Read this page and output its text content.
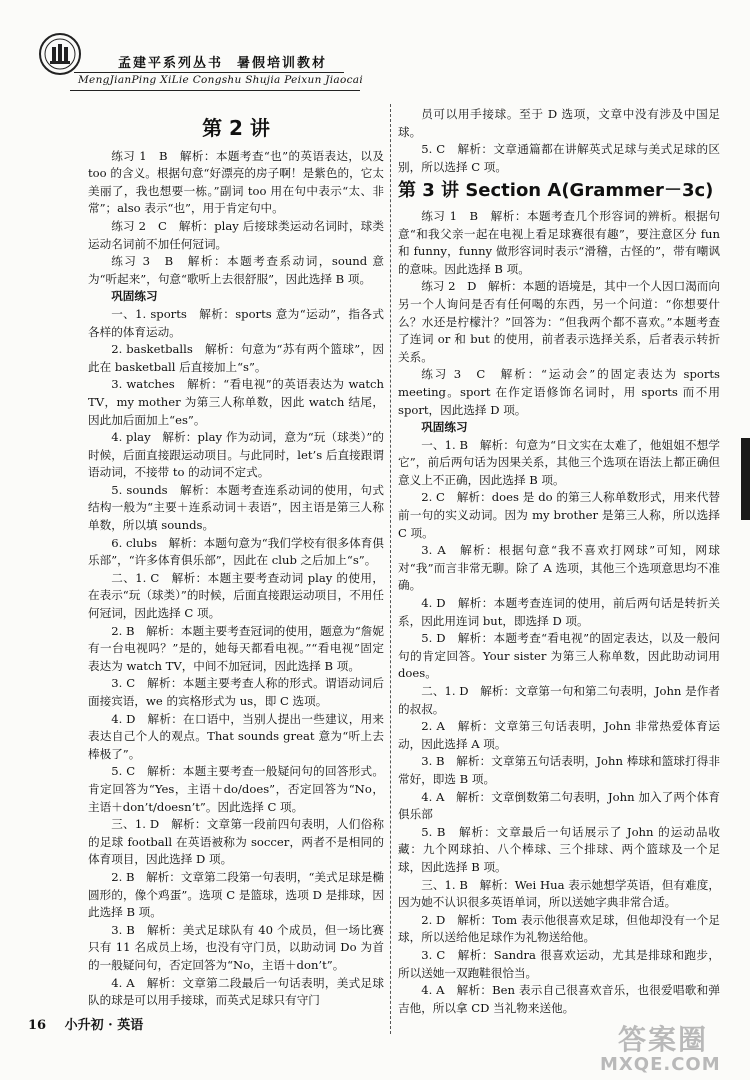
孟建平系列丛书 暑假培训教材
MengJianPing XiLie Congshu Shujia Peixun Jiaocai
第 2 讲

练习 1　B　解析：本题考查“也”的英语表达，以及 too 的含义。根据句意“好漂亮的房子啊！是紫色的，它太美丽了，我也想要一栋。”副词 too 用在句中表示“太、非常”；also 表示“也”，用于肯定句中。

练习 2　C　解析：play 后接球类运动名词时，球类运动名词前不加任何冠词。

练习 3　B　解析：本题考查系动词，sound 意为“听起来”，句意“歌听上去很舒服”，因此选择 B 项。

巩固练习

一、1. sports　解析：sports 意为“运动”，指各式各样的体育运动。

2. basketballs　解析：句意为“苏有两个篮球”，因此在 basketball 后直接加上“s”。

3. watches　解析：“看电视”的英语表达为 watch TV，my mother 为第三人称单数，因此 watch 结尾，因此加后面加上“es”。

4. play　解析：play 作为动词，意为“玩（球类）”的时候，后面直接跟运动项目。与此同时，let’s 后直接跟谓语动词，不接带 to 的动词不定式。

5. sounds　解析：本题考查连系动词的使用，句式结构一般为“主要＋连系动词＋表语”，因主语是第三人称单数，所以填 sounds。

6. clubs　解析：本题句意为“我们学校有很多体育俱乐部”，“许多体育俱乐部”，因此在 club 之后加上“s”。

二、1. C　解析：本题主要考查动词 play 的使用，在表示“玩（球类）”的时候，后面直接跟运动项目，不用任何冠词，因此选择 C 项。

2. B　解析：本题主要考查冠词的使用，题意为“詹妮有一台电视吗？”是的，她每天都看电视。”“看电视”固定表达为 watch TV，中间不加冠词，因此选择 B 项。

3. C　解析：本题主要考查人称的形式。谓语动词后面接宾语，we 的宾格形式为 us，即 C 选项。

4. D　解析：在口语中，当别人提出一些建议，用来表达自己个人的观点。That sounds great 意为“听上去棒极了”。

5. C　解析：本题主要考查一般疑问句的回答形式。肯定回答为“Yes，主语＋do/does”，否定回答为“No，主语＋don’t/doesn’t”。因此选择 C 项。

三、1. D　解析：文章第一段前四句表明，人们俗称的足球 football 在英语被称为 soccer，两者不是相同的体育项目，因此选择 D 项。

2. B　解析：文章第二段第一句表明，“美式足球是椭圆形的，像个鸡蛋”。选项 C 是篮球，选项 D 是排球，因此选择 B 项。

3. B　解析：美式足球队有 40 个成员，但一场比赛只有 11 名成员上场，也没有守门员，以助动词 Do 为首的一般疑问句，否定回答为“No，主语＋don’t”。

4. A　解析：文章第二段最后一句话表明，美式足球队的球是可以用手接球，而英式足球只有守门

员可以用手接球。至于 D 选项，文章中没有涉及中国足球。

5. C　解析：文章通篇都在讲解英式足球与美式足球的区别，所以选择 C 项。

第 3 讲 Section A(Grammer－3c)

练习 1　B　解析：本题考查几个形容词的辨析。根据句意“和我父亲一起在电视上看足球赛很有趣”，要注意区分 fun 和 funny，funny 做形容词时表示“滑稽，古怪的”，带有嘲讽的意味。因此选择 B 项。

练习 2　D　解析：本题的语境是，其中一个人因口渴而向另一个人询问是否有任何喝的东西，另一个问道：“你想要什么？水还是柠檬汁？”回答为：“但我两个都不喜欢。”本题考查了连词 or 和 but 的使用，前者表示选择关系，后者表示转折关系。

练习 3　C　解析：“运动会”的固定表达为 sports meeting。sport 在作定语修饰名词时，用 sports 而不用 sport，因此选择 D 项。

巩固练习

一、1. B　解析：句意为“日文实在太难了，他姐姐不想学它”，前后两句话为因果关系，其他三个选项在语法上都正确但意义上不正确，因此选择 B 项。

2. C　解析：does 是 do 的第三人称单数形式，用来代替前一句的实义动词。因为 my brother 是第三人称，所以选择 C 项。

3. A　解析：根据句意“我不喜欢打网球”可知，网球对“我”而言非常无聊。除了 A 选项，其他三个选项意思均不准确。

4. D　解析：本题考查连词的使用，前后两句话是转折关系，因此用连词 but，即选择 D 项。

5. D　解析：本题考查“看电视”的固定表达，以及一般问句的肯定回答。Your sister 为第三人称单数，因此助动词用 does。

二、1. D　解析：文章第一句和第二句表明，John 是作者的叔叔。

2. A　解析：文章第三句话表明，John 非常热爱体育运动，因此选择 A 项。

3. B　解析：文章第五句话表明，John 棒球和篮球打得非常好，即选 B 项。

4. A　解析：文章倒数第二句表明，John 加入了两个体育俱乐部

5. B　解析：文章最后一句话展示了 John 的运动品收藏：九个网球拍、八个棒球、三个排球、两个篮球及一个足球，因此选择 B 项。

三、1. B　解析：Wei Hua 表示她想学英语，但有难度，因为她不认识很多英语单词，所以送她字典非常合适。

2. D　解析：Tom 表示他很喜欢足球，但他却没有一个足球，所以送给他足球作为礼物送给他。

3. C　解析：Sandra 很喜欢运动，尤其是排球和跑步，所以送她一双跑鞋很恰当。

4. A　解析：Ben 表示自己很喜欢音乐，也很爱唱歌和弹吉他，所以拿 CD 当礼物来送他。

16 小升初 · 英语	答案圈
MXQE.COM
